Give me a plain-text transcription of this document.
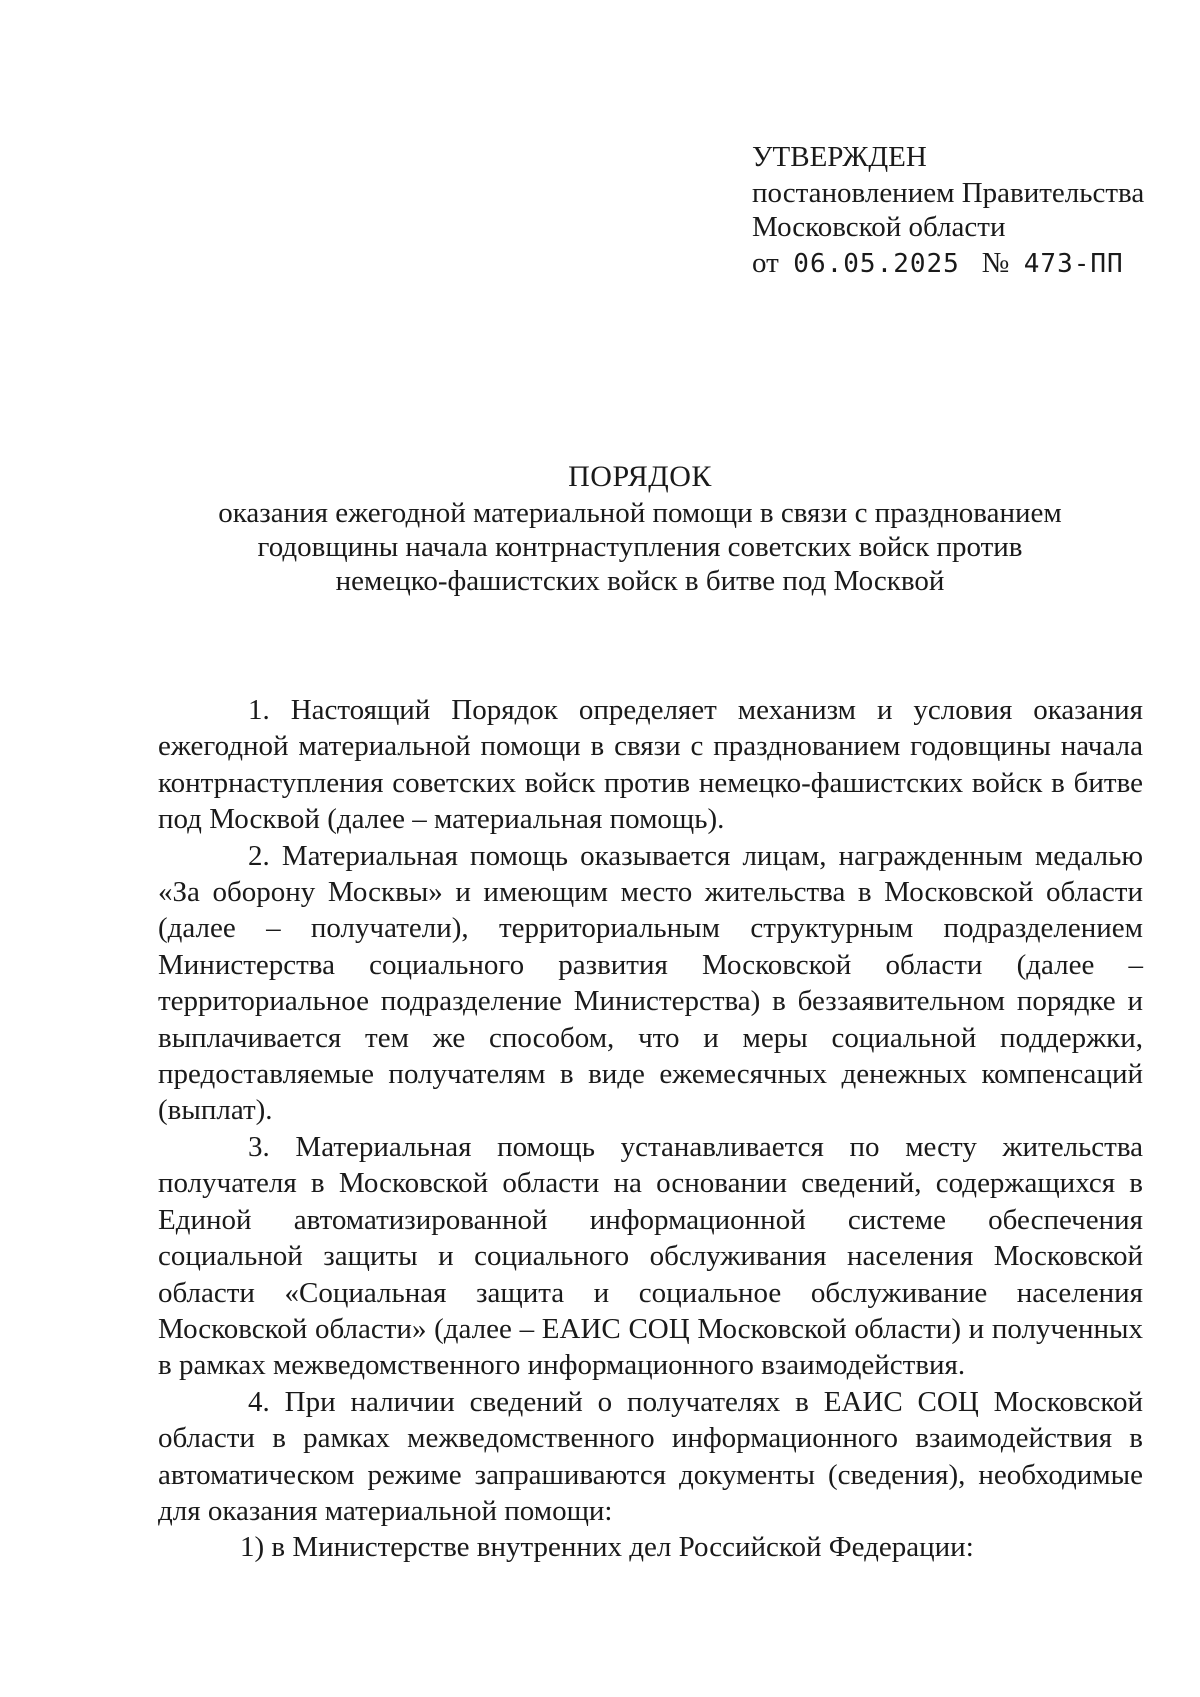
УТВЕРЖДЕН
постановлением Правительства
Московской области
от 06.05.2025 № 473-ПП
ПОРЯДОК
оказания ежегодной материальной помощи в связи с празднованием
годовщины начала контрнаступления советских войск против
немецко-фашистских войск в битве под Москвой

1. Настоящий Порядок определяет механизм и условия оказания ежегодной материальной помощи в связи с празднованием годовщины начала контрнаступления советских войск против немецко-фашистских войск в битве под Москвой (далее – материальная помощь).

2. Материальная помощь оказывается лицам, награжденным медалью «За оборону Москвы» и имеющим место жительства в Московской области (далее – получатели), территориальным структурным подразделением Министерства социального развития Московской области (далее – территориальное подразделение Министерства) в беззаявительном порядке и выплачивается тем же способом, что и меры социальной поддержки, предоставляемые получателям в виде ежемесячных денежных компенсаций (выплат).

3. Материальная помощь устанавливается по месту жительства получателя в Московской области на основании сведений, содержащихся в Единой автоматизированной информационной системе обеспечения социальной защиты и социального обслуживания населения Московской области «Социальная защита и социальное обслуживание населения Московской области» (далее – ЕАИС СОЦ Московской области) и полученных в рамках межведомственного информационного взаимодействия.

4. При наличии сведений о получателях в ЕАИС СОЦ Московской области в рамках межведомственного информационного взаимодействия в автоматическом режиме запрашиваются документы (сведения), необходимые для оказания материальной помощи:

1) в Министерстве внутренних дел Российской Федерации:
